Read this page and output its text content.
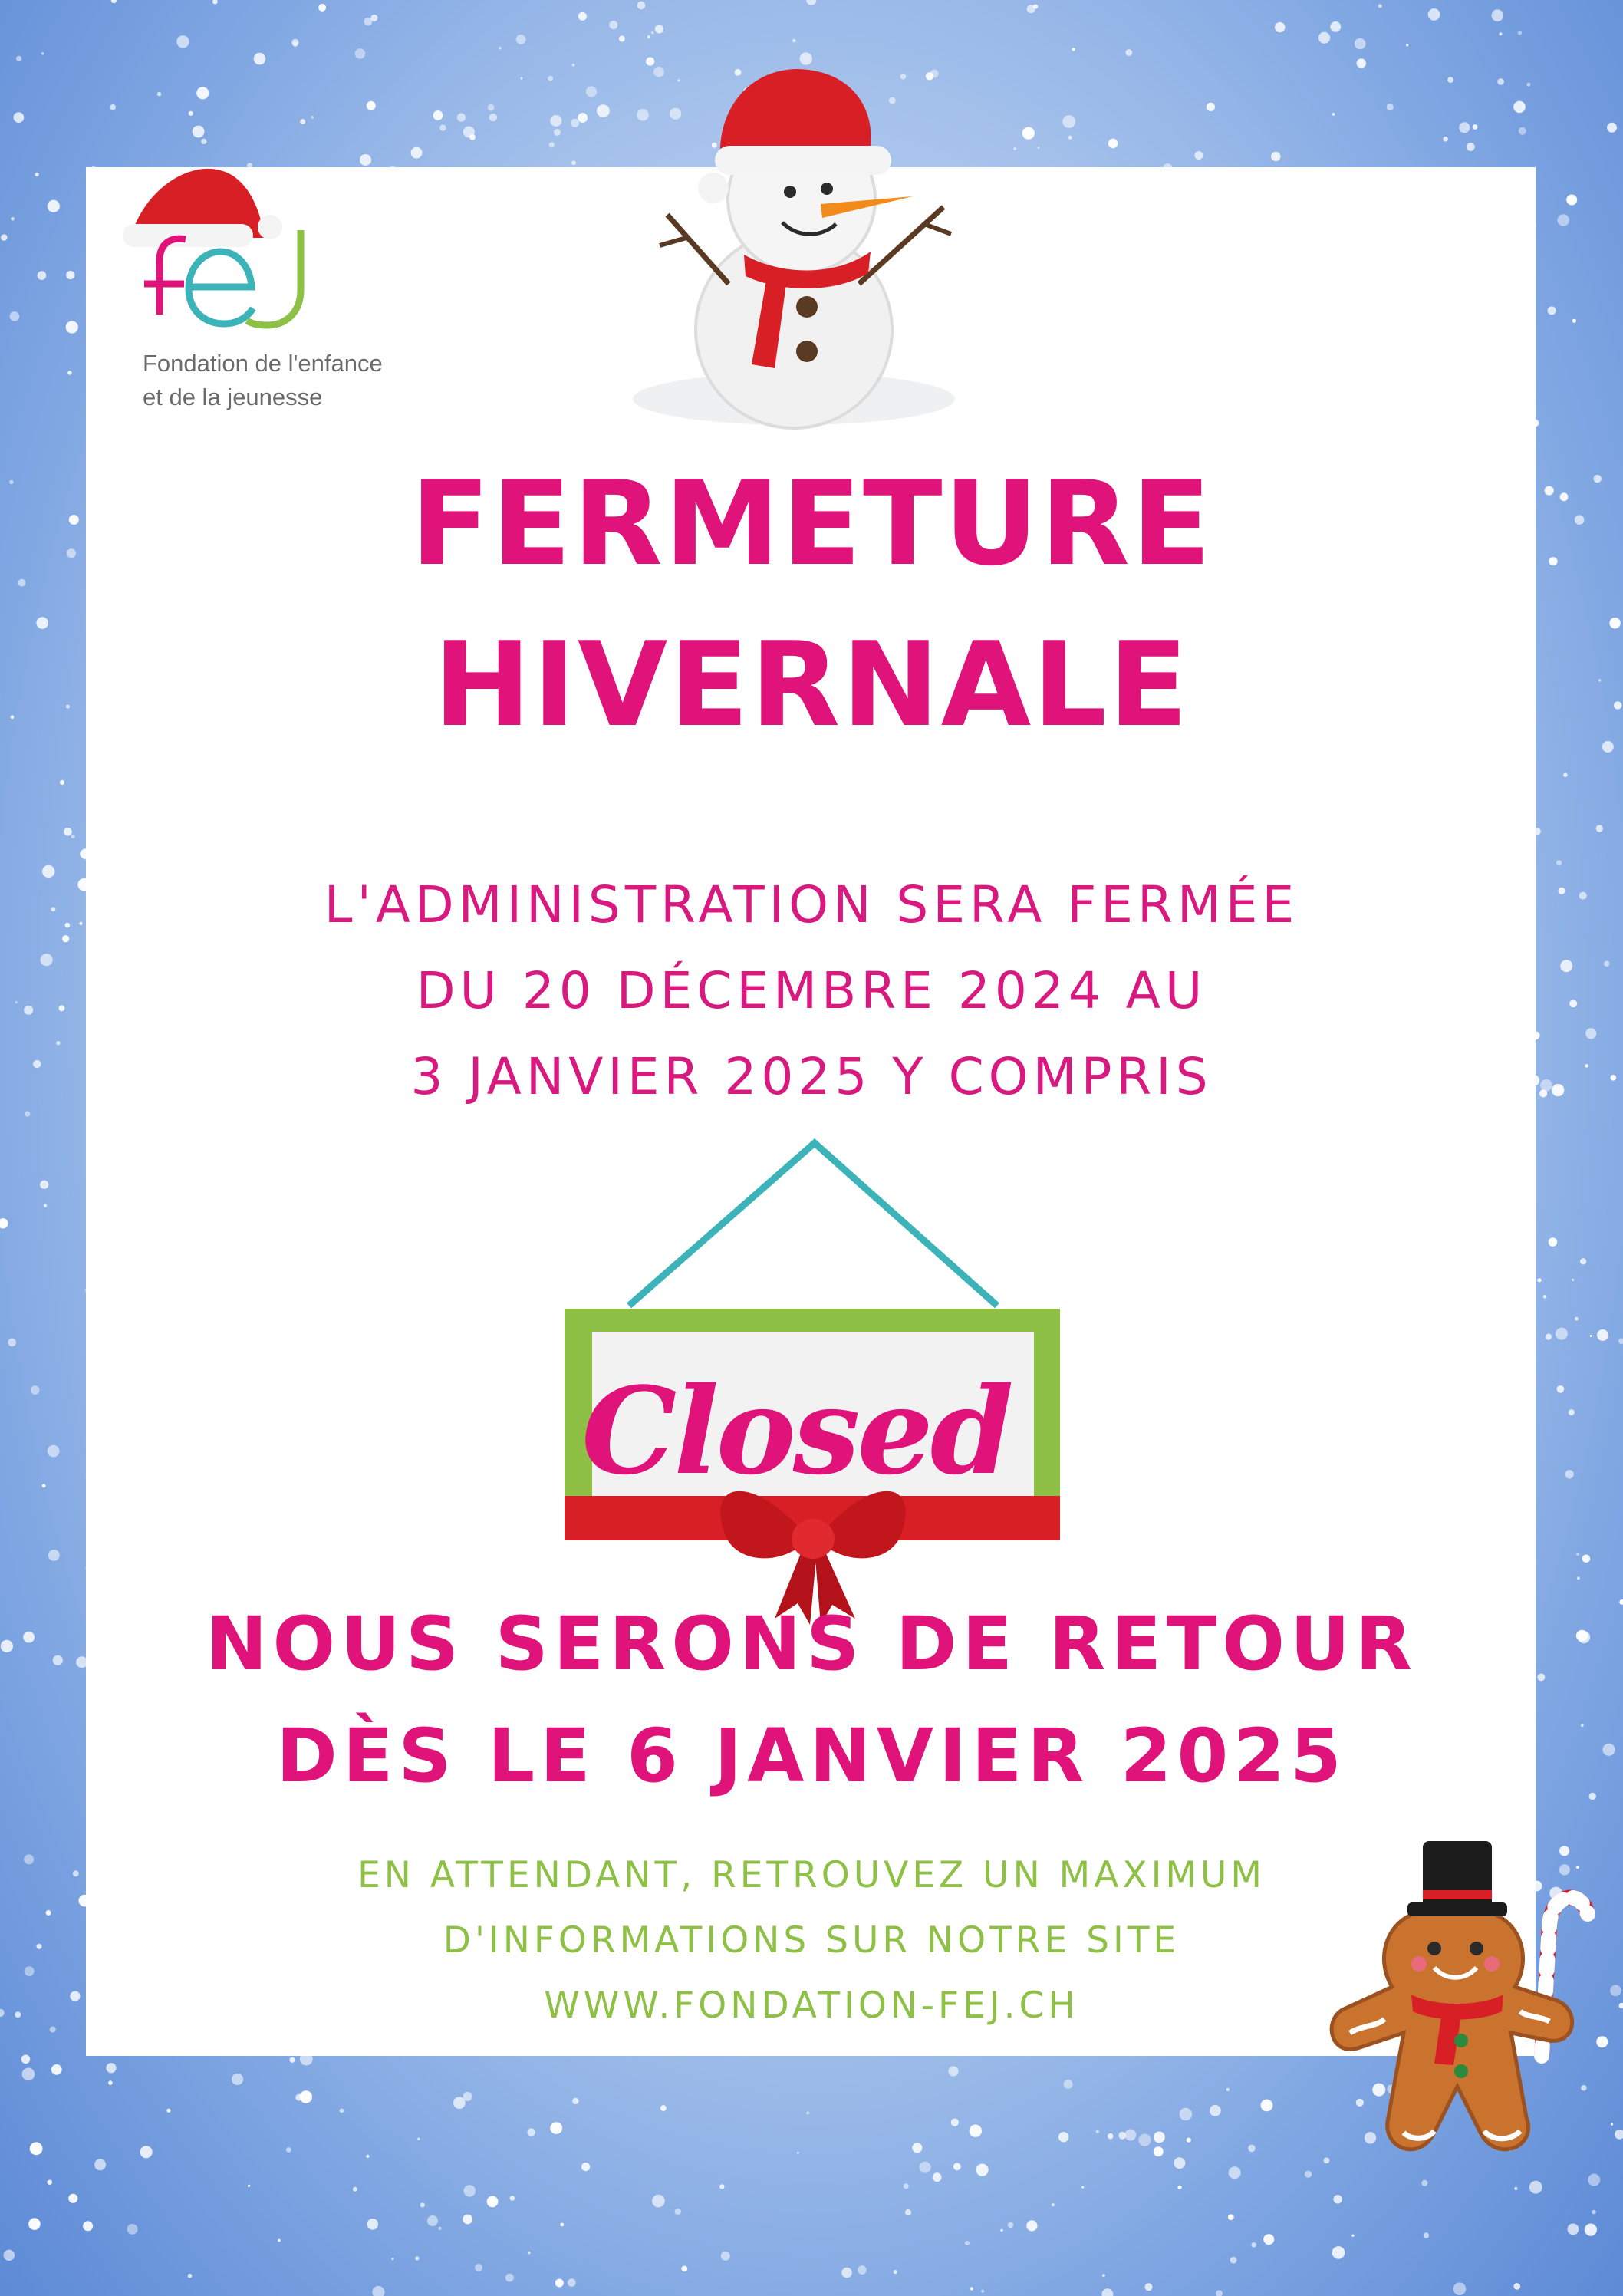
Fondation de l'enfance
et de la jeunesse
FERMETURE
HIVERNALE
L'ADMINISTRATION SERA FERMÉE
DU 20 DÉCEMBRE 2024 AU
3 JANVIER 2025 Y COMPRIS
Closed
NOUS SERONS DE RETOUR
DÈS LE 6 JANVIER 2025
EN ATTENDANT, RETROUVEZ UN MAXIMUM
D'INFORMATIONS SUR NOTRE SITE
WWW.FONDATION-FEJ.CH
